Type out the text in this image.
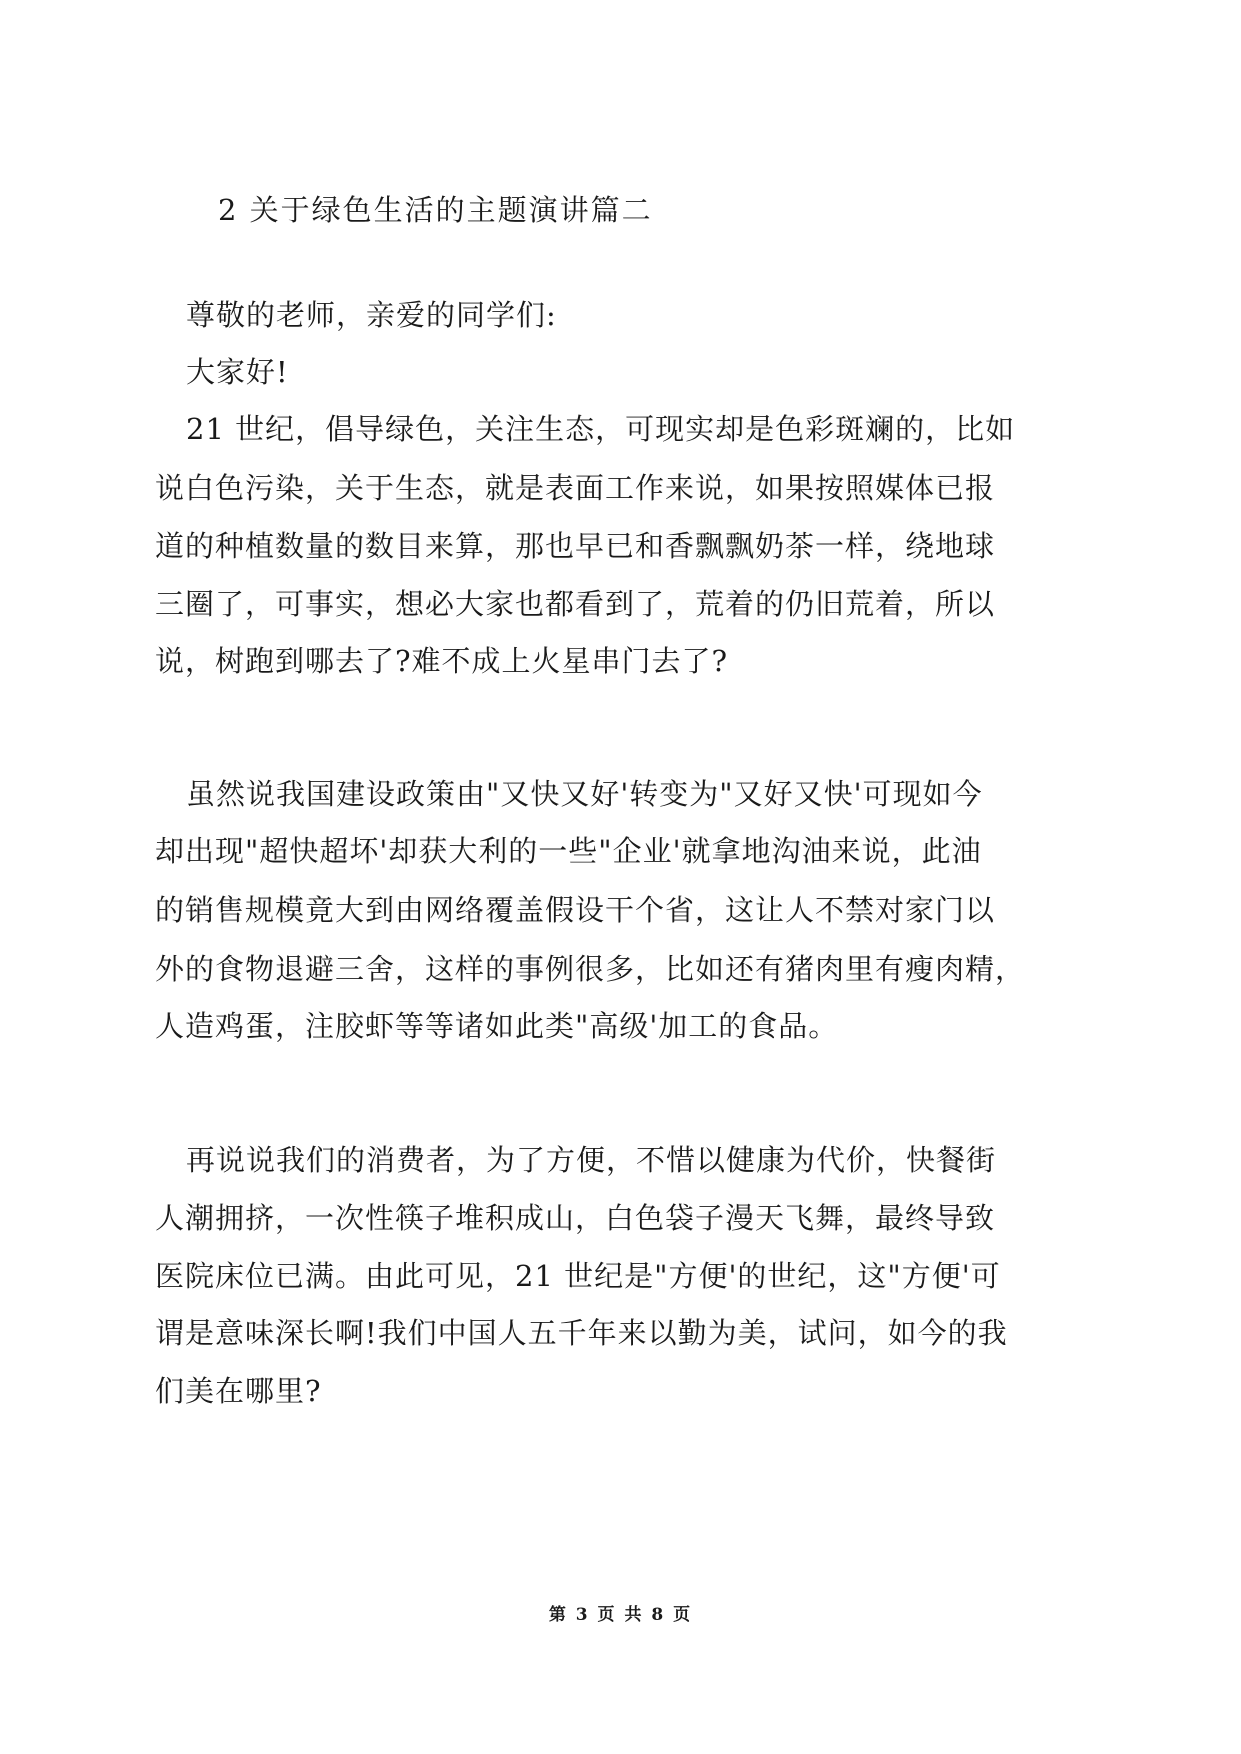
2 关于绿色生活的主题演讲篇二
尊敬的老师，亲爱的同学们:
大家好!
21 世纪，倡导绿色，关注生态，可现实却是色彩斑斓的，比如
说白色污染，关于生态，就是表面工作来说，如果按照媒体已报
道的种植数量的数目来算，那也早已和香飘飘奶茶一样，绕地球
三圈了，可事实，想必大家也都看到了，荒着的仍旧荒着，所以
说，树跑到哪去了?难不成上火星串门去了?
虽然说我国建设政策由"又快又好'转变为"又好又快'可现如今
却出现"超快超坏'却获大利的一些"企业'就拿地沟油来说，此油
的销售规模竟大到由网络覆盖假设干个省，这让人不禁对家门以
外的食物退避三舍，这样的事例很多，比如还有猪肉里有瘦肉精，
人造鸡蛋，注胶虾等等诸如此类"高级'加工的食品。
再说说我们的消费者，为了方便，不惜以健康为代价，快餐街
人潮拥挤，一次性筷子堆积成山，白色袋子漫天飞舞，最终导致
医院床位已满。由此可见，21 世纪是"方便'的世纪，这"方便'可
谓是意味深长啊!我们中国人五千年来以勤为美，试问，如今的我
们美在哪里?
第 3 页 共 8 页
